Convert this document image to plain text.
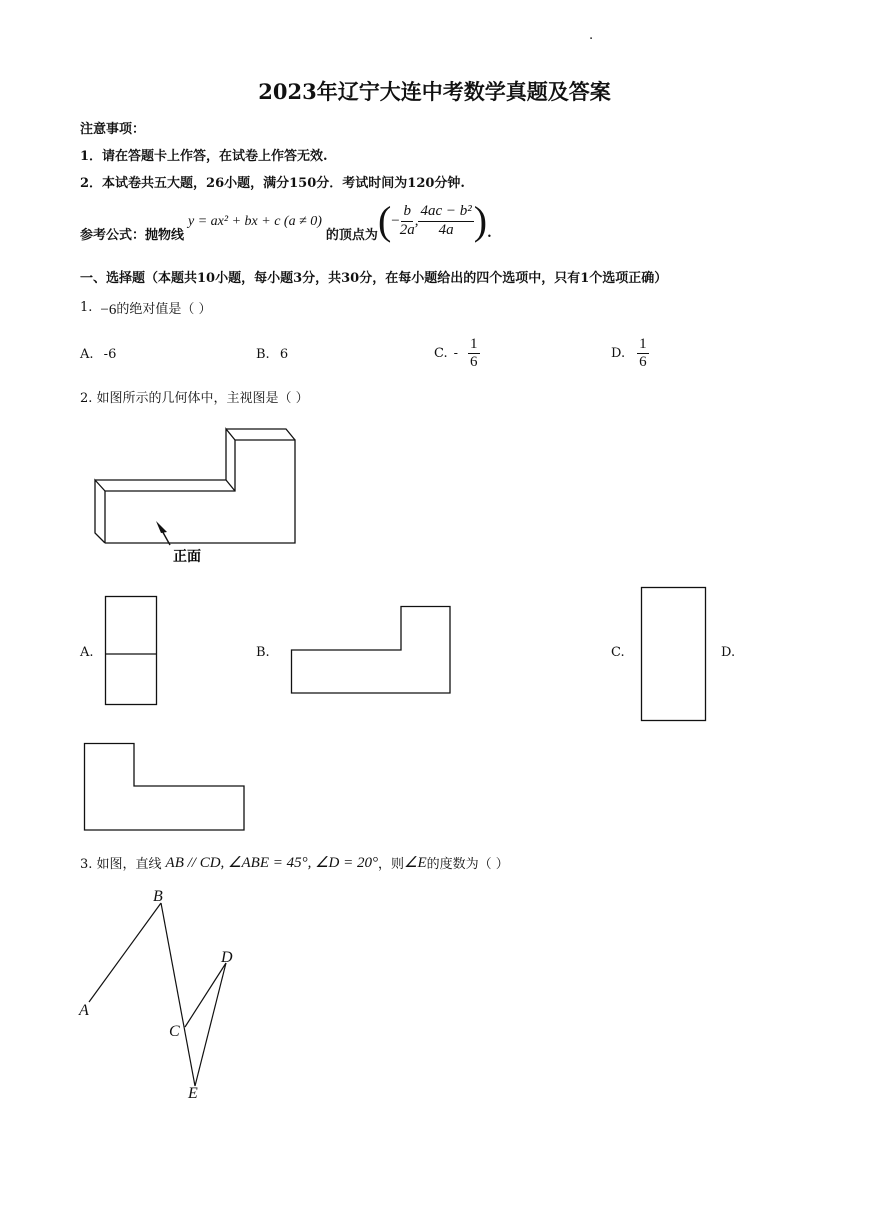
.
2023年辽宁大连中考数学真题及答案
注意事项：
1．请在答题卡上作答，在试卷上作答无效.
2．本试卷共五大题，26小题，满分150分．考试时间为120分钟.
参考公式：抛物线
y = ax² + bx + c (a ≠ 0)
的顶点为 ( − $\frac{b}{2a}$ , $\frac{\text{4ac − b²}}{4a}$ ) .
一、选择题（本题共10小题，每小题3分，共30分，在每小题给出的四个选项中，只有1个选项正确）
1. −6 的绝对值是（ ）
A. -6	B. 6	C. - $\frac{1}{6}$	D. $\frac{1}{6}$
2. 如图所示的几何体中，主视图是（ ）
正面
A.	B.	C.	D.
3. 如图，直线 AB // CD, ∠ABE = 45°, ∠D = 20° ，则 ∠E 的度数为（ ）
B
D
A
C
E
